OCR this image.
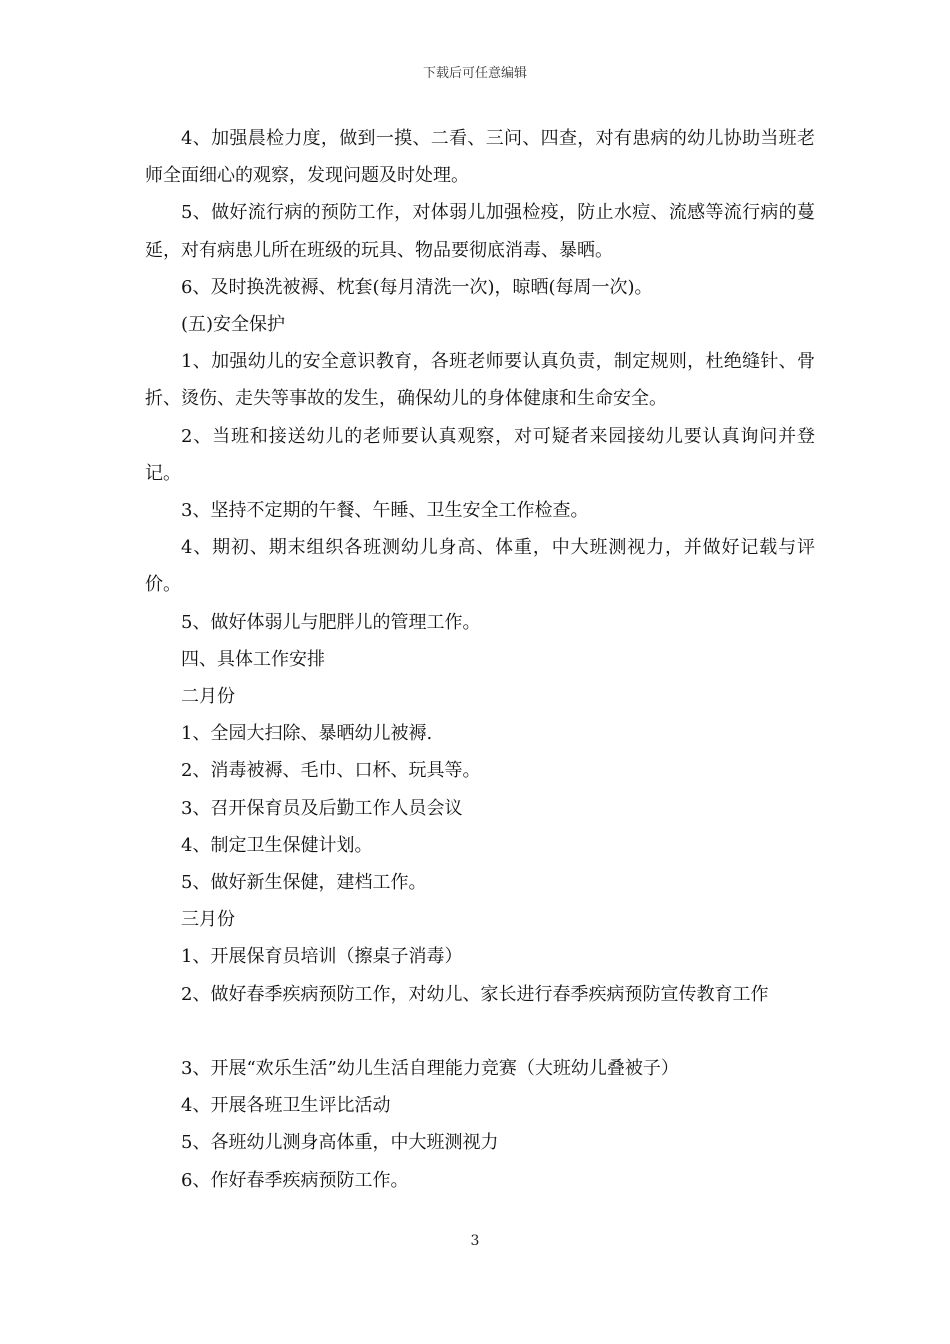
下载后可任意编辑

4、加强晨检力度，做到一摸、二看、三问、四查，对有患病的幼儿协助当班老师全面细心的观察，发现问题及时处理。

5、做好流行病的预防工作，对体弱儿加强检疫，防止水痘、流感等流行病的蔓延，对有病患儿所在班级的玩具、物品要彻底消毒、暴晒。

6、及时换洗被褥、枕套(每月清洗一次)，晾晒(每周一次)。

(五)安全保护

1、加强幼儿的安全意识教育，各班老师要认真负责，制定规则，杜绝缝针、骨折、烫伤、走失等事故的发生，确保幼儿的身体健康和生命安全。

2、当班和接送幼儿的老师要认真观察，对可疑者来园接幼儿要认真询问并登记。

3、坚持不定期的午餐、午睡、卫生安全工作检查。

4、期初、期末组织各班测幼儿身高、体重，中大班测视力，并做好记载与评价。

5、做好体弱儿与肥胖儿的管理工作。

四、具体工作安排

二月份

1、全园大扫除、暴晒幼儿被褥.

2、消毒被褥、毛巾、口杯、玩具等。

3、召开保育员及后勤工作人员会议

4、制定卫生保健计划。

5、做好新生保健，建档工作。

三月份

1、开展保育员培训（擦桌子消毒）

2、做好春季疾病预防工作，对幼儿、家长进行春季疾病预防宣传教育工作

3、开展“欢乐生活”幼儿生活自理能力竞赛（大班幼儿叠被子）

4、开展各班卫生评比活动

5、各班幼儿测身高体重，中大班测视力

6、作好春季疾病预防工作。

3
